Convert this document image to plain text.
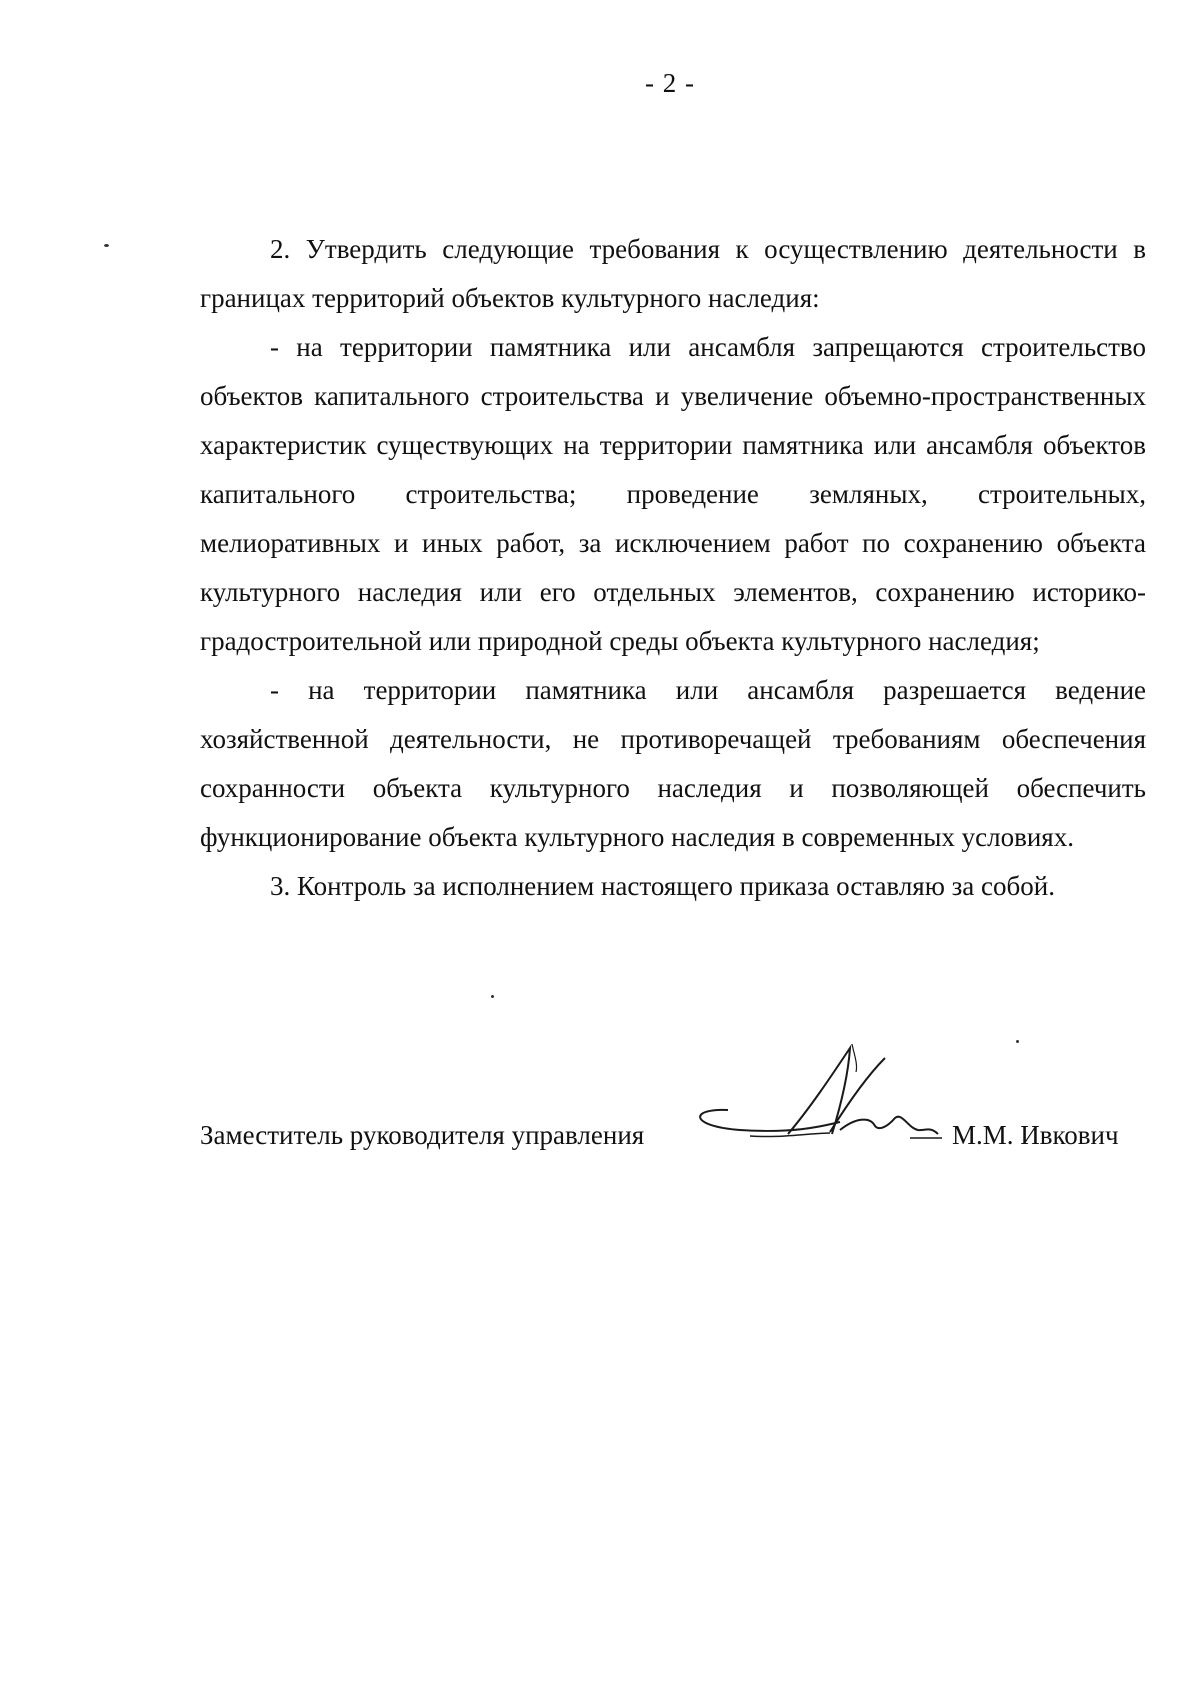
- 2 -

2. Утвердить следующие требования к осуществлению деятельности в границах территорий объектов культурного наследия:

- на территории памятника или ансамбля запрещаются строительство объектов капитального строительства и увеличение объемно-пространственных характеристик существующих на территории памятника или ансамбля объектов капитального строительства; проведение земляных, строительных, мелиоративных и иных работ, за исключением работ по сохранению объекта культурного наследия или его отдельных элементов, сохранению историко-градостроительной или природной среды объекта культурного наследия;

- на территории памятника или ансамбля разрешается ведение хозяйственной деятельности, не противоречащей требованиям обеспечения сохранности объекта культурного наследия и позволяющей обеспечить функционирование объекта культурного наследия в современных условиях.

3. Контроль за исполнением настоящего приказа оставляю за собой.

Заместитель руководителя управления	М.М. Ивкович
